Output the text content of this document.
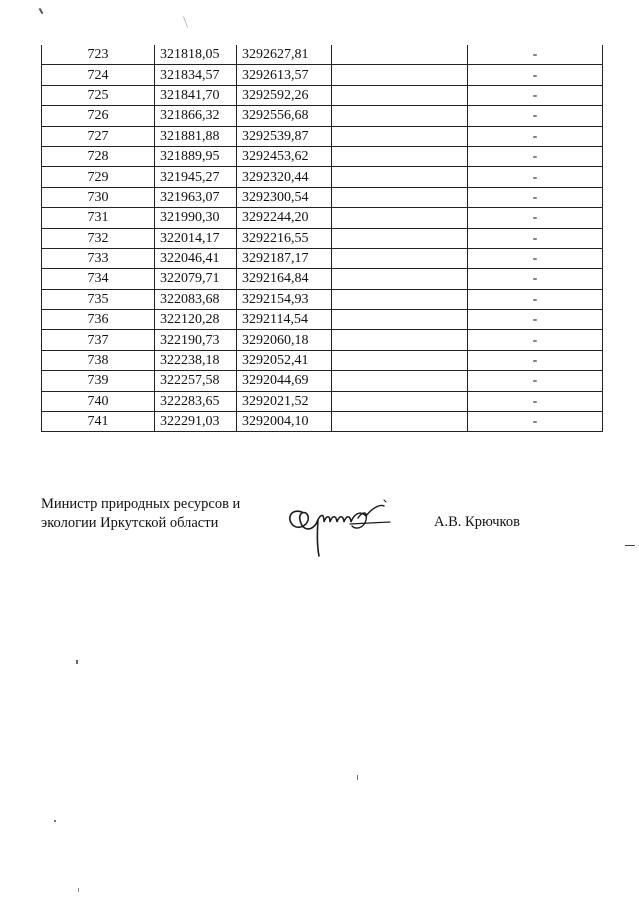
723	321818,05	3292627,81		-
724	321834,57	3292613,57		-
725	321841,70	3292592,26		-
726	321866,32	3292556,68		-
727	321881,88	3292539,87		-
728	321889,95	3292453,62		-
729	321945,27	3292320,44		-
730	321963,07	3292300,54		-
731	321990,30	3292244,20		-
732	322014,17	3292216,55		-
733	322046,41	3292187,17		-
734	322079,71	3292164,84		-
735	322083,68	3292154,93		-
736	322120,28	3292114,54		-
737	322190,73	3292060,18		-
738	322238,18	3292052,41		-
739	322257,58	3292044,69		-
740	322283,65	3292021,52		-
741	322291,03	3292004,10		-
Министр природных ресурсов и
экологии Иркутской области	А.В. Крючков
